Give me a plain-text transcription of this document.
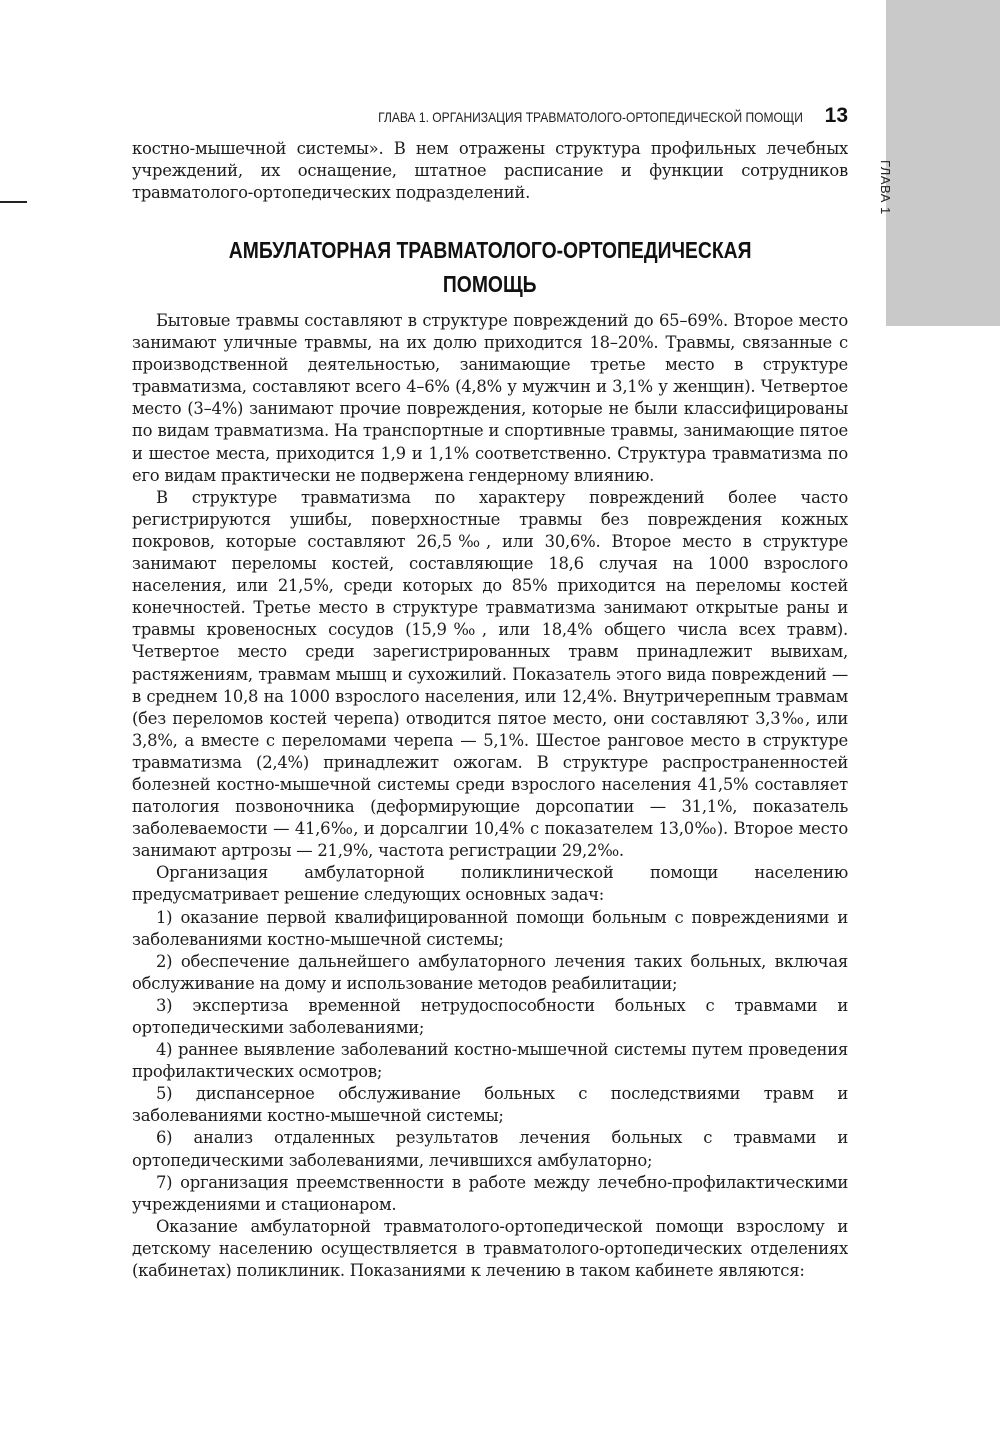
ГЛАВА 1
ГЛАВА 1. ОРГАНИЗАЦИЯ ТРАВМАТОЛОГО-ОРТОПЕДИЧЕСКОЙ ПОМОЩИ 13

костно-мышечной системы». В нем отражены структура профильных лечебных учреждений, их оснащение, штатное расписание и функции сотрудников травматолого-ортопедических подразделений.

АМБУЛАТОРНАЯ ТРАВМАТОЛОГО-ОРТОПЕДИЧЕСКАЯ
ПОМОЩЬ

Бытовые травмы составляют в структуре повреждений до 65–69%. Второе место занимают уличные травмы, на их долю приходится 18–20%. Травмы, связанные с производственной деятельностью, занимающие третье место в структуре травматизма, составляют всего 4–6% (4,8% у мужчин и 3,1% у женщин). Четвертое место (3–4%) занимают прочие повреждения, которые не были классифицированы по видам травматизма. На транспортные и спортивные травмы, занимающие пятое и шестое места, приходится 1,9 и 1,1% соответственно. Структура травматизма по его видам практически не подвержена гендерному влиянию.

В структуре травматизма по характеру повреждений более часто регистрируются ушибы, поверхностные травмы без повреждения кожных покровов, которые составляют 26,5‰, или 30,6%. Второе место в структуре занимают переломы костей, составляющие 18,6 случая на 1000 взрослого населения, или 21,5%, среди которых до 85% приходится на переломы костей конечностей. Третье место в структуре травматизма занимают открытые раны и травмы кровеносных сосудов (15,9‰, или 18,4% общего числа всех травм). Четвертое место среди зарегистрированных травм принадлежит вывихам, растяжениям, травмам мышц и сухожилий. Показатель этого вида повреждений — в среднем 10,8 на 1000 взрослого населения, или 12,4%. Внутричерепным травмам (без переломов костей черепа) отводится пятое место, они составляют 3,3‰, или 3,8%, а вместе с переломами черепа — 5,1%. Шестое ранговое место в структуре травматизма (2,4%) принадлежит ожогам. В структуре распространенностей болезней костно-мышечной системы среди взрослого населения 41,5% составляет патология позвоночника (деформирующие дорсопатии — 31,1%, показатель заболеваемости — 41,6‰, и дорсалгии 10,4% с показателем 13,0‰). Второе место занимают артрозы — 21,9%, частота регистрации 29,2‰.

Организация амбулаторной поликлинической помощи населению предусматривает решение следующих основных задач:

1) оказание первой квалифицированной помощи больным с повреждениями и заболеваниями костно-мышечной системы;

2) обеспечение дальнейшего амбулаторного лечения таких больных, включая обслуживание на дому и использование методов реабилитации;

3) экспертиза временной нетрудоспособности больных с травмами и ортопедическими заболеваниями;

4) раннее выявление заболеваний костно-мышечной системы путем проведения профилактических осмотров;

5) диспансерное обслуживание больных с последствиями травм и заболеваниями костно-мышечной системы;

6) анализ отдаленных результатов лечения больных с травмами и ортопедическими заболеваниями, лечившихся амбулаторно;

7) организация преемственности в работе между лечебно-профилактическими учреждениями и стационаром.

Оказание амбулаторной травматолого-ортопедической помощи взрослому и детскому населению осуществляется в травматолого-ортопедических отделениях (кабинетах) поликлиник. Показаниями к лечению в таком кабинете являются:
